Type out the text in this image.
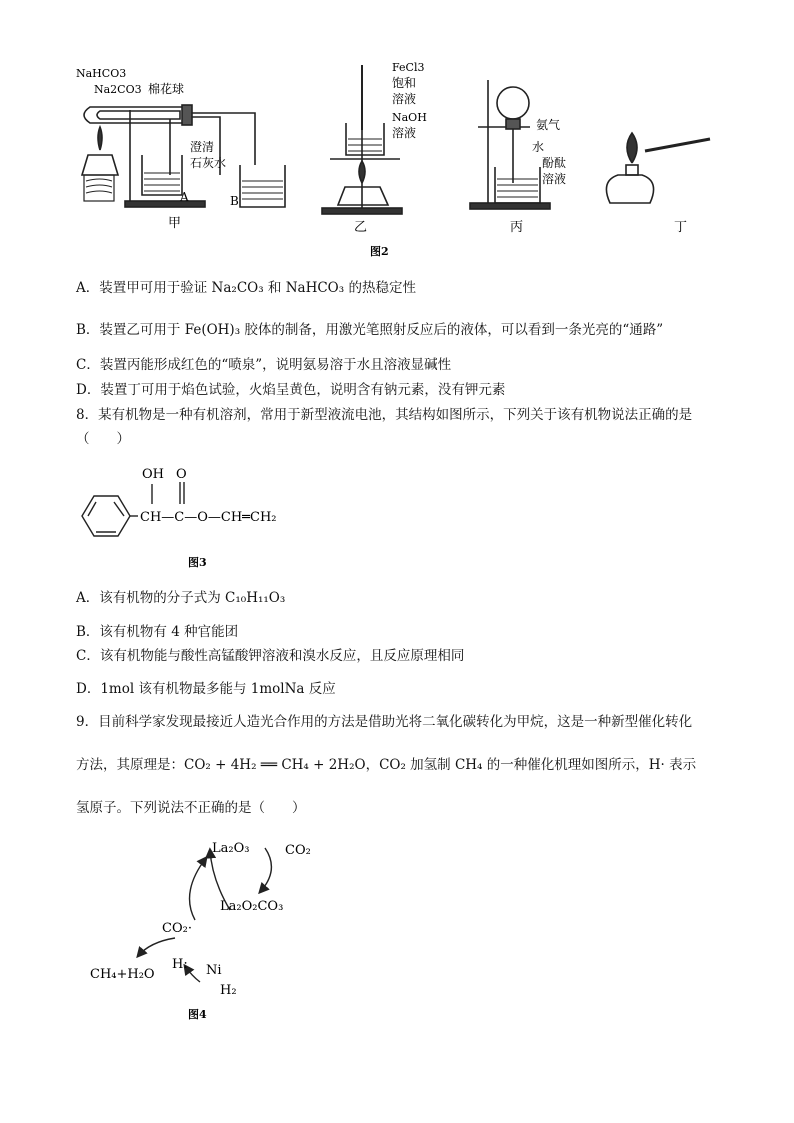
NaHCO3
Na2CO3 棉花球
澄清
石灰水
A	B
FeCl3
饱和
溶液
NaOH
溶液
氨气
水
酚酞
溶液
甲	乙	丙	丁
图2
A．装置甲可用于验证 Na₂CO₃ 和 NaHCO₃ 的热稳定性
B．装置乙可用于 Fe(OH)₃ 胶体的制备，用激光笔照射反应后的液体，可以看到一条光亮的“通路”
C．装置丙能形成红色的“喷泉”，说明氨易溶于水且溶液显碱性
D．装置丁可用于焰色试验，火焰呈黄色，说明含有钠元素，没有钾元素
8．某有机物是一种有机溶剂，常用于新型液流电池，其结构如图所示，下列关于该有机物说法正确的是
（　　）
OH O
CH—C—O—CH═CH₂
图3
A．该有机物的分子式为 C₁₀H₁₁O₃
B．该有机物有 4 种官能团
C．该有机物能与酸性高锰酸钾溶液和溴水反应，且反应原理相同
D．1mol 该有机物最多能与 1molNa 反应
9．目前科学家发现最接近人造光合作用的方法是借助光将二氧化碳转化为甲烷，这是一种新型催化转化
方法，其原理是：CO₂ + 4H₂ ══ CH₄ + 2H₂O，CO₂ 加氢制 CH₄ 的一种催化机理如图所示，H· 表示
氢原子。下列说法不正确的是（　　）
La₂O₃	CO₂
La₂O₂CO₃
CO₂·
CH₄+H₂O
H: Ni
H₂
图4
